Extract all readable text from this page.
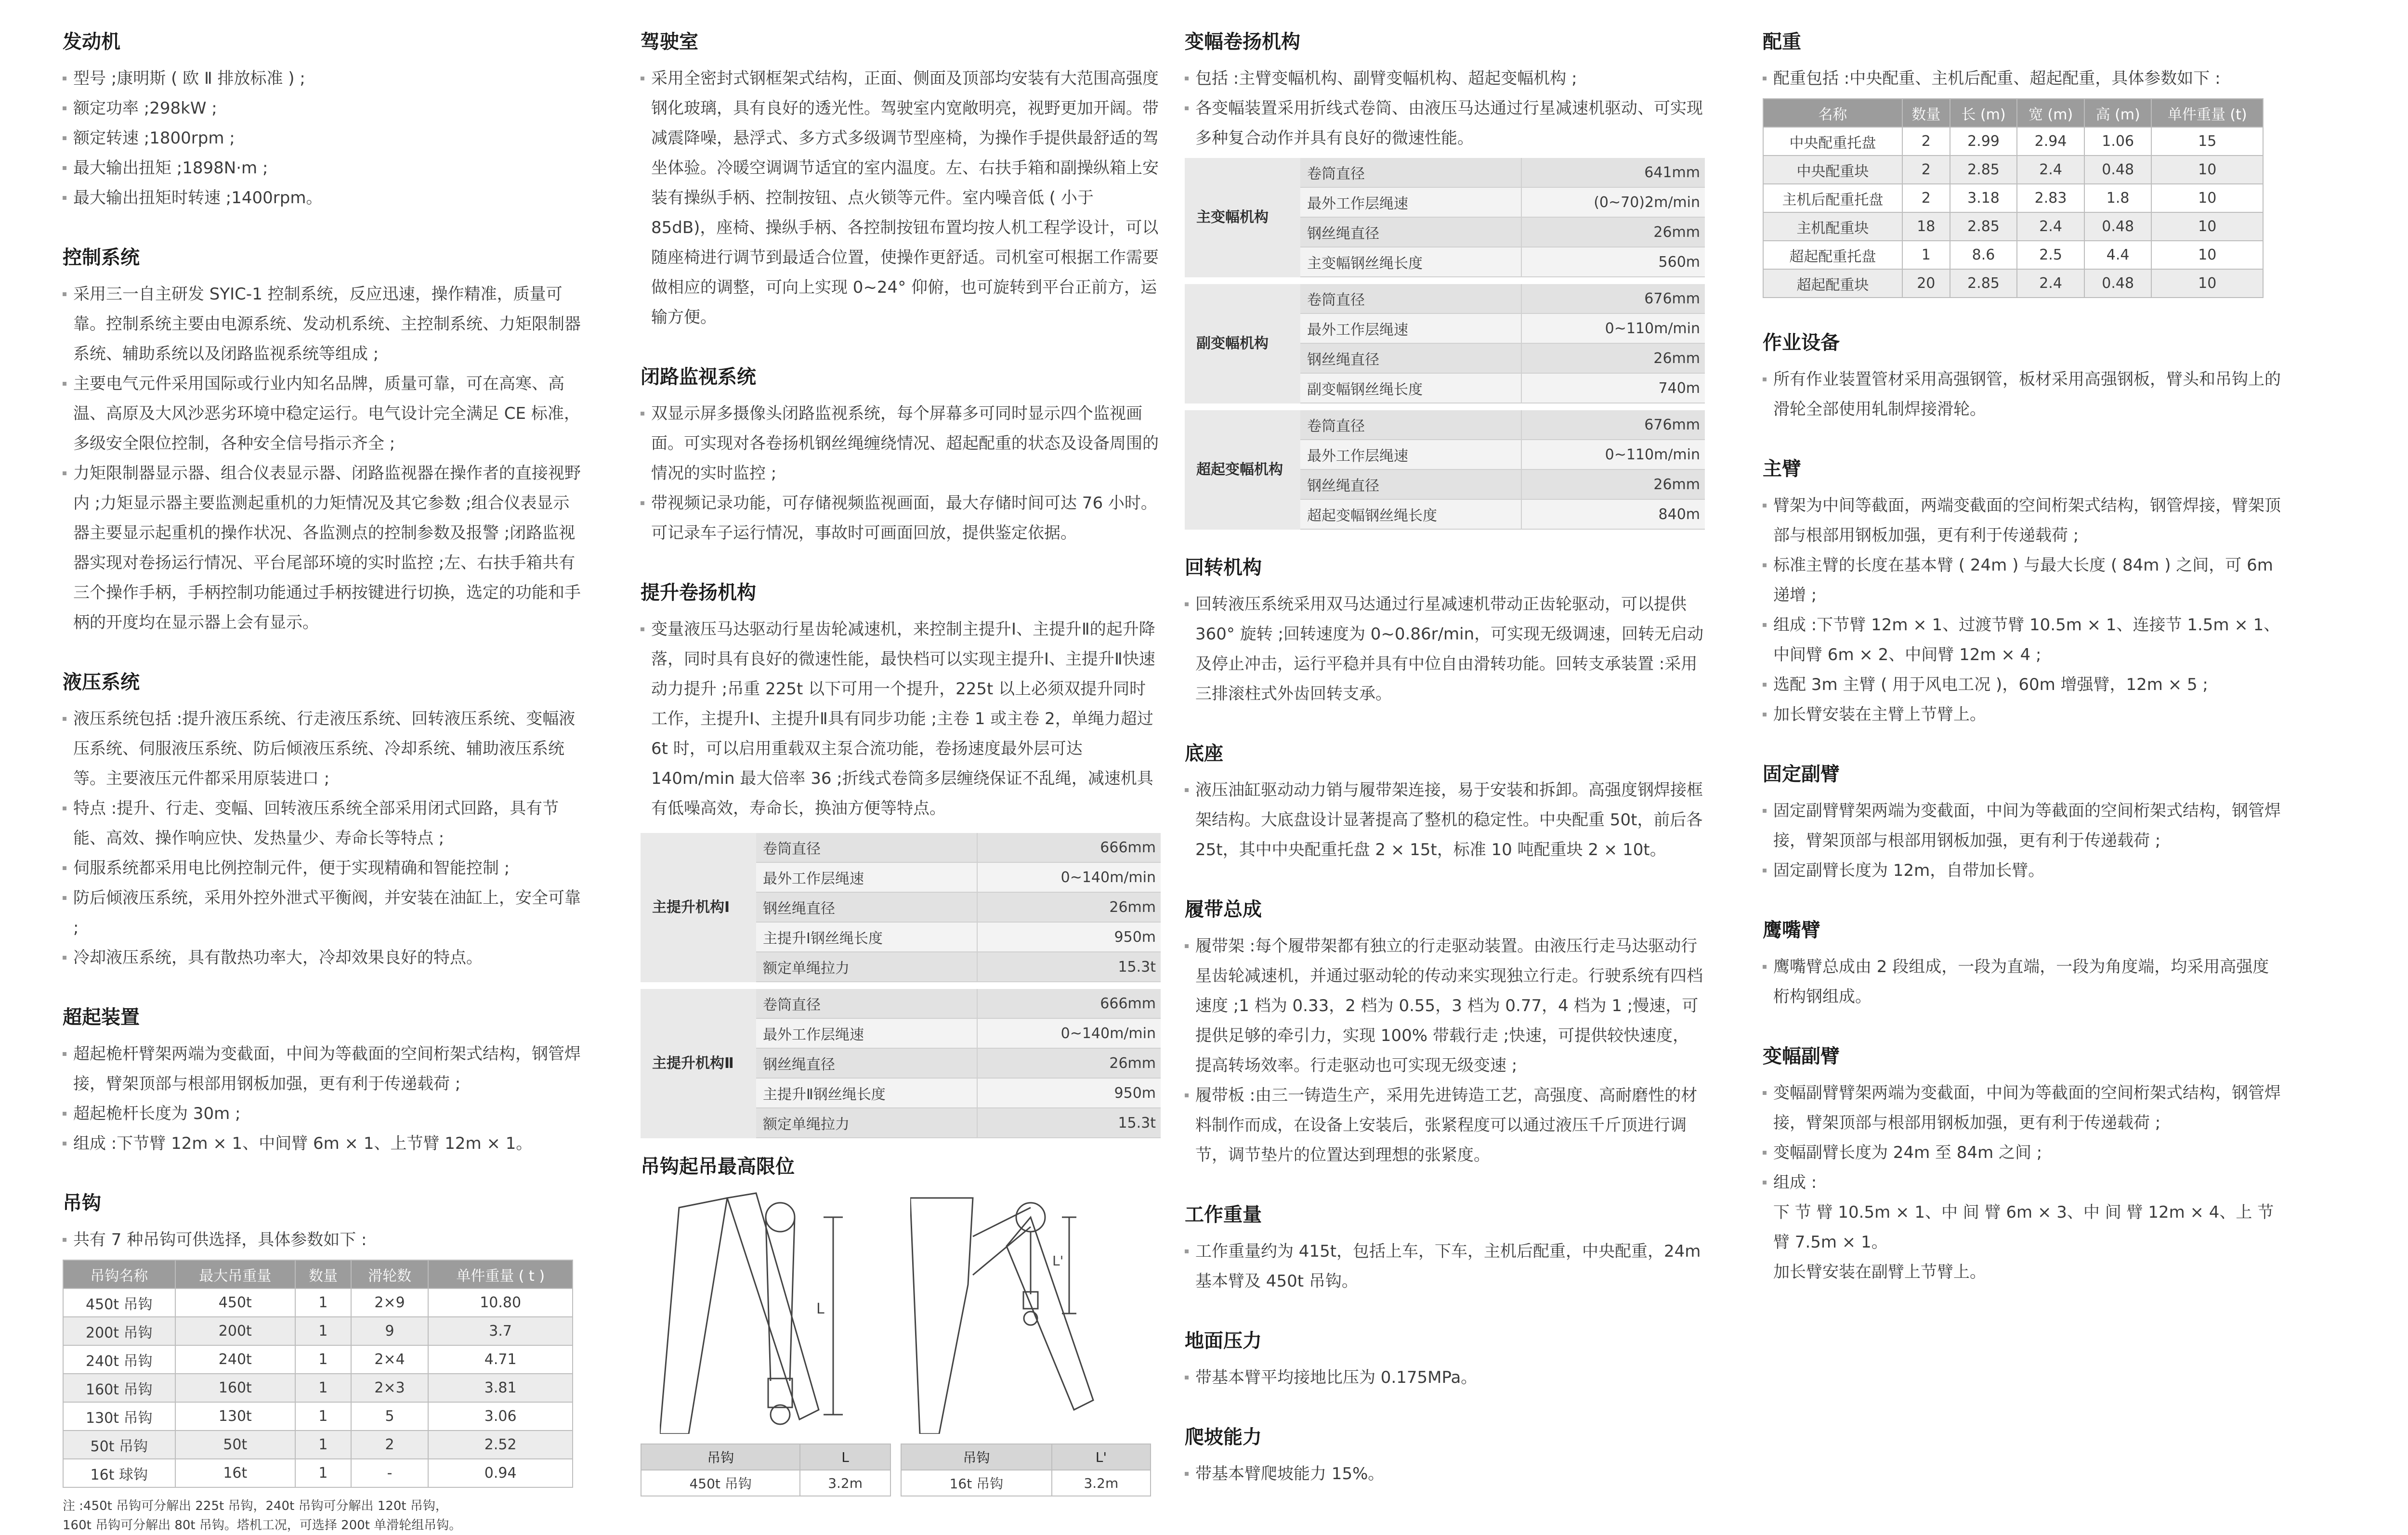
发动机
型号 ;康明斯 ( 欧 Ⅱ 排放标准 ) ;
额定功率 ;298kW ;
额定转速 ;1800rpm ;
最大输出扭矩 ;1898N·m ;
最大输出扭矩时转速 ;1400rpm。
控制系统
采用三一自主研发 SYIC-1 控制系统，反应迅速，操作精准，质量可靠。控制系统主要由电源系统、发动机系统、主控制系统、力矩限制器系统、辅助系统以及闭路监视系统等组成 ;
主要电气元件采用国际或行业内知名品牌，质量可靠，可在高寒、高温、高原及大风沙恶劣环境中稳定运行。电气设计完全满足 CE 标准，多级安全限位控制，各种安全信号指示齐全 ;
力矩限制器显示器、组合仪表显示器、闭路监视器在操作者的直接视野内 ;力矩显示器主要监测起重机的力矩情况及其它参数 ;组合仪表显示器主要显示起重机的操作状况、各监测点的控制参数及报警 ;闭路监视器实现对卷扬运行情况、平台尾部环境的实时监控 ;左、右扶手箱共有三个操作手柄，手柄控制功能通过手柄按键进行切换，选定的功能和手柄的开度均在显示器上会有显示。
液压系统
液压系统包括 :提升液压系统、行走液压系统、回转液压系统、变幅液压系统、伺服液压系统、防后倾液压系统、冷却系统、辅助液压系统等。主要液压元件都采用原装进口 ;
特点 :提升、行走、变幅、回转液压系统全部采用闭式回路，具有节能、高效、操作响应快、发热量少、寿命长等特点 ;
伺服系统都采用电比例控制元件，便于实现精确和智能控制 ;
防后倾液压系统，采用外控外泄式平衡阀，并安装在油缸上，安全可靠 ;
冷却液压系统，具有散热功率大，冷却效果良好的特点。
超起装置
超起桅杆臂架两端为变截面，中间为等截面的空间桁架式结构，钢管焊接，臂架顶部与根部用钢板加强，更有利于传递载荷 ;
超起桅杆长度为 30m ;
组成 :下节臂 12m × 1、中间臂 6m × 1、上节臂 12m × 1。
吊钩
共有 7 种吊钩可供选择，具体参数如下 :
吊钩名称	最大吊重量	数量	滑轮数	单件重量 ( t )
450t 吊钩	450t	1	2×9	10.80
200t 吊钩	200t	1	9	3.7
240t 吊钩	240t	1	2×4	4.71
160t 吊钩	160t	1	2×3	3.81
130t 吊钩	130t	1	5	3.06
50t 吊钩	50t	1	2	2.52
16t 球钩	16t	1	-	0.94
注 :450t 吊钩可分解出 225t 吊钩，240t 吊钩可分解出 120t 吊钩，
160t 吊钩可分解出 80t 吊钩。塔机工况，可选择 200t 单滑轮组吊钩。
驾驶室
采用全密封式钢框架式结构，正面、侧面及顶部均安装有大范围高强度钢化玻璃，具有良好的透光性。驾驶室内宽敞明亮，视野更加开阔。带减震降噪，悬浮式、多方式多级调节型座椅，为操作手提供最舒适的驾坐体验。冷暖空调调节适宜的室内温度。左、右扶手箱和副操纵箱上安装有操纵手柄、控制按钮、点火锁等元件。室内噪音低 ( 小于 85dB)，座椅、操纵手柄、各控制按钮布置均按人机工程学设计，可以随座椅进行调节到最适合位置，使操作更舒适。司机室可根据工作需要做相应的调整，可向上实现 0~24° 仰俯，也可旋转到平台正前方，运输方便。
闭路监视系统
双显示屏多摄像头闭路监视系统，每个屏幕多可同时显示四个监视画面。可实现对各卷扬机钢丝绳缠绕情况、超起配重的状态及设备周围的情况的实时监控 ;
带视频记录功能，可存储视频监视画面，最大存储时间可达 76 小时。可记录车子运行情况，事故时可画面回放，提供鉴定依据。
提升卷扬机构
变量液压马达驱动行星齿轮减速机，来控制主提升Ⅰ、主提升Ⅱ的起升降落，同时具有良好的微速性能，最快档可以实现主提升Ⅰ、主提升Ⅱ快速动力提升 ;吊重 225t 以下可用一个提升，225t 以上必须双提升同时工作，主提升Ⅰ、主提升Ⅱ具有同步功能 ;主卷 1 或主卷 2，单绳力超过 6t 时，可以启用重载双主泵合流功能，卷扬速度最外层可达 140m/min 最大倍率 36 ;折线式卷筒多层缠绕保证不乱绳，减速机具有低噪高效，寿命长，换油方便等特点。
主提升机构Ⅰ
卷筒直径	666mm
最外工作层绳速	0~140m/min
钢丝绳直径	26mm
主提升Ⅰ钢丝绳长度	950m
额定单绳拉力	15.3t
主提升机构Ⅱ
卷筒直径	666mm
最外工作层绳速	0~140m/min
钢丝绳直径	26mm
主提升Ⅱ钢丝绳长度	950m
额定单绳拉力	15.3t
吊钩起吊最高限位
L
L'
吊钩	L
450t 吊钩	3.2m
吊钩	L'
16t 吊钩	3.2m
变幅卷扬机构
包括 :主臂变幅机构、副臂变幅机构、超起变幅机构 ;
各变幅装置采用折线式卷筒、由液压马达通过行星减速机驱动、可实现多种复合动作并具有良好的微速性能。
主变幅机构
卷筒直径	641mm
最外工作层绳速	(0~70)2m/min
钢丝绳直径	26mm
主变幅钢丝绳长度	560m
副变幅机构
卷筒直径	676mm
最外工作层绳速	0~110m/min
钢丝绳直径	26mm
副变幅钢丝绳长度	740m
超起变幅机构
卷筒直径	676mm
最外工作层绳速	0~110m/min
钢丝绳直径	26mm
超起变幅钢丝绳长度	840m
回转机构
回转液压系统采用双马达通过行星减速机带动正齿轮驱动，可以提供 360° 旋转 ;回转速度为 0~0.86r/min，可实现无级调速，回转无启动及停止冲击，运行平稳并具有中位自由滑转功能。回转支承装置 :采用三排滚柱式外齿回转支承。
底座
液压油缸驱动动力销与履带架连接，易于安装和拆卸。高强度钢焊接框架结构。大底盘设计显著提高了整机的稳定性。中央配重 50t，前后各 25t，其中中央配重托盘 2 × 15t，标准 10 吨配重块 2 × 10t。
履带总成
履带架 :每个履带架都有独立的行走驱动装置。由液压行走马达驱动行星齿轮减速机，并通过驱动轮的传动来实现独立行走。行驶系统有四档速度 ;1 档为 0.33，2 档为 0.55，3 档为 0.77，4 档为 1 ;慢速，可提供足够的牵引力，实现 100% 带载行走 ;快速，可提供较快速度，提高转场效率。行走驱动也可实现无级变速 ;
履带板 :由三一铸造生产，采用先进铸造工艺，高强度、高耐磨性的材料制作而成，在设备上安装后，张紧程度可以通过液压千斤顶进行调节，调节垫片的位置达到理想的张紧度。
工作重量
工作重量约为 415t，包括上车，下车，主机后配重，中央配重，24m 基本臂及 450t 吊钩。
地面压力
带基本臂平均接地比压为 0.175MPa。
爬坡能力
带基本臂爬坡能力 15%。
配重
配重包括 :中央配重、主机后配重、超起配重，具体参数如下 :
名称	数量	长 (m)	宽 (m)	高 (m)	单件重量 (t)
中央配重托盘	2	2.99	2.94	1.06	15
中央配重块	2	2.85	2.4	0.48	10
主机后配重托盘	2	3.18	2.83	1.8	10
主机配重块	18	2.85	2.4	0.48	10
超起配重托盘	1	8.6	2.5	4.4	10
超起配重块	20	2.85	2.4	0.48	10
作业设备
所有作业装置管材采用高强钢管，板材采用高强钢板，臂头和吊钩上的滑轮全部使用轧制焊接滑轮。
主臂
臂架为中间等截面，两端变截面的空间桁架式结构，钢管焊接，臂架顶部与根部用钢板加强，更有利于传递载荷 ;
标准主臂的长度在基本臂 ( 24m ) 与最大长度 ( 84m ) 之间，可 6m 递增 ;
组成 :下节臂 12m × 1、过渡节臂 10.5m × 1、连接节 1.5m × 1、中间臂 6m × 2、中间臂 12m × 4 ;
选配 3m 主臂 ( 用于风电工况 )，60m 增强臂，12m × 5 ;
加长臂安装在主臂上节臂上。
固定副臂
固定副臂臂架两端为变截面，中间为等截面的空间桁架式结构，钢管焊接，臂架顶部与根部用钢板加强，更有利于传递载荷 ;
固定副臂长度为 12m，自带加长臂。
鹰嘴臂
鹰嘴臂总成由 2 段组成，一段为直端，一段为角度端，均采用高强度桁构钢组成。
变幅副臂
变幅副臂臂架两端为变截面，中间为等截面的空间桁架式结构，钢管焊接，臂架顶部与根部用钢板加强，更有利于传递载荷 ;
变幅副臂长度为 24m 至 84m 之间 ;
组成 :

下 节 臂 10.5m × 1、中 间 臂 6m × 3、中 间 臂 12m × 4、上 节 臂 7.5m × 1。

加长臂安装在副臂上节臂上。
